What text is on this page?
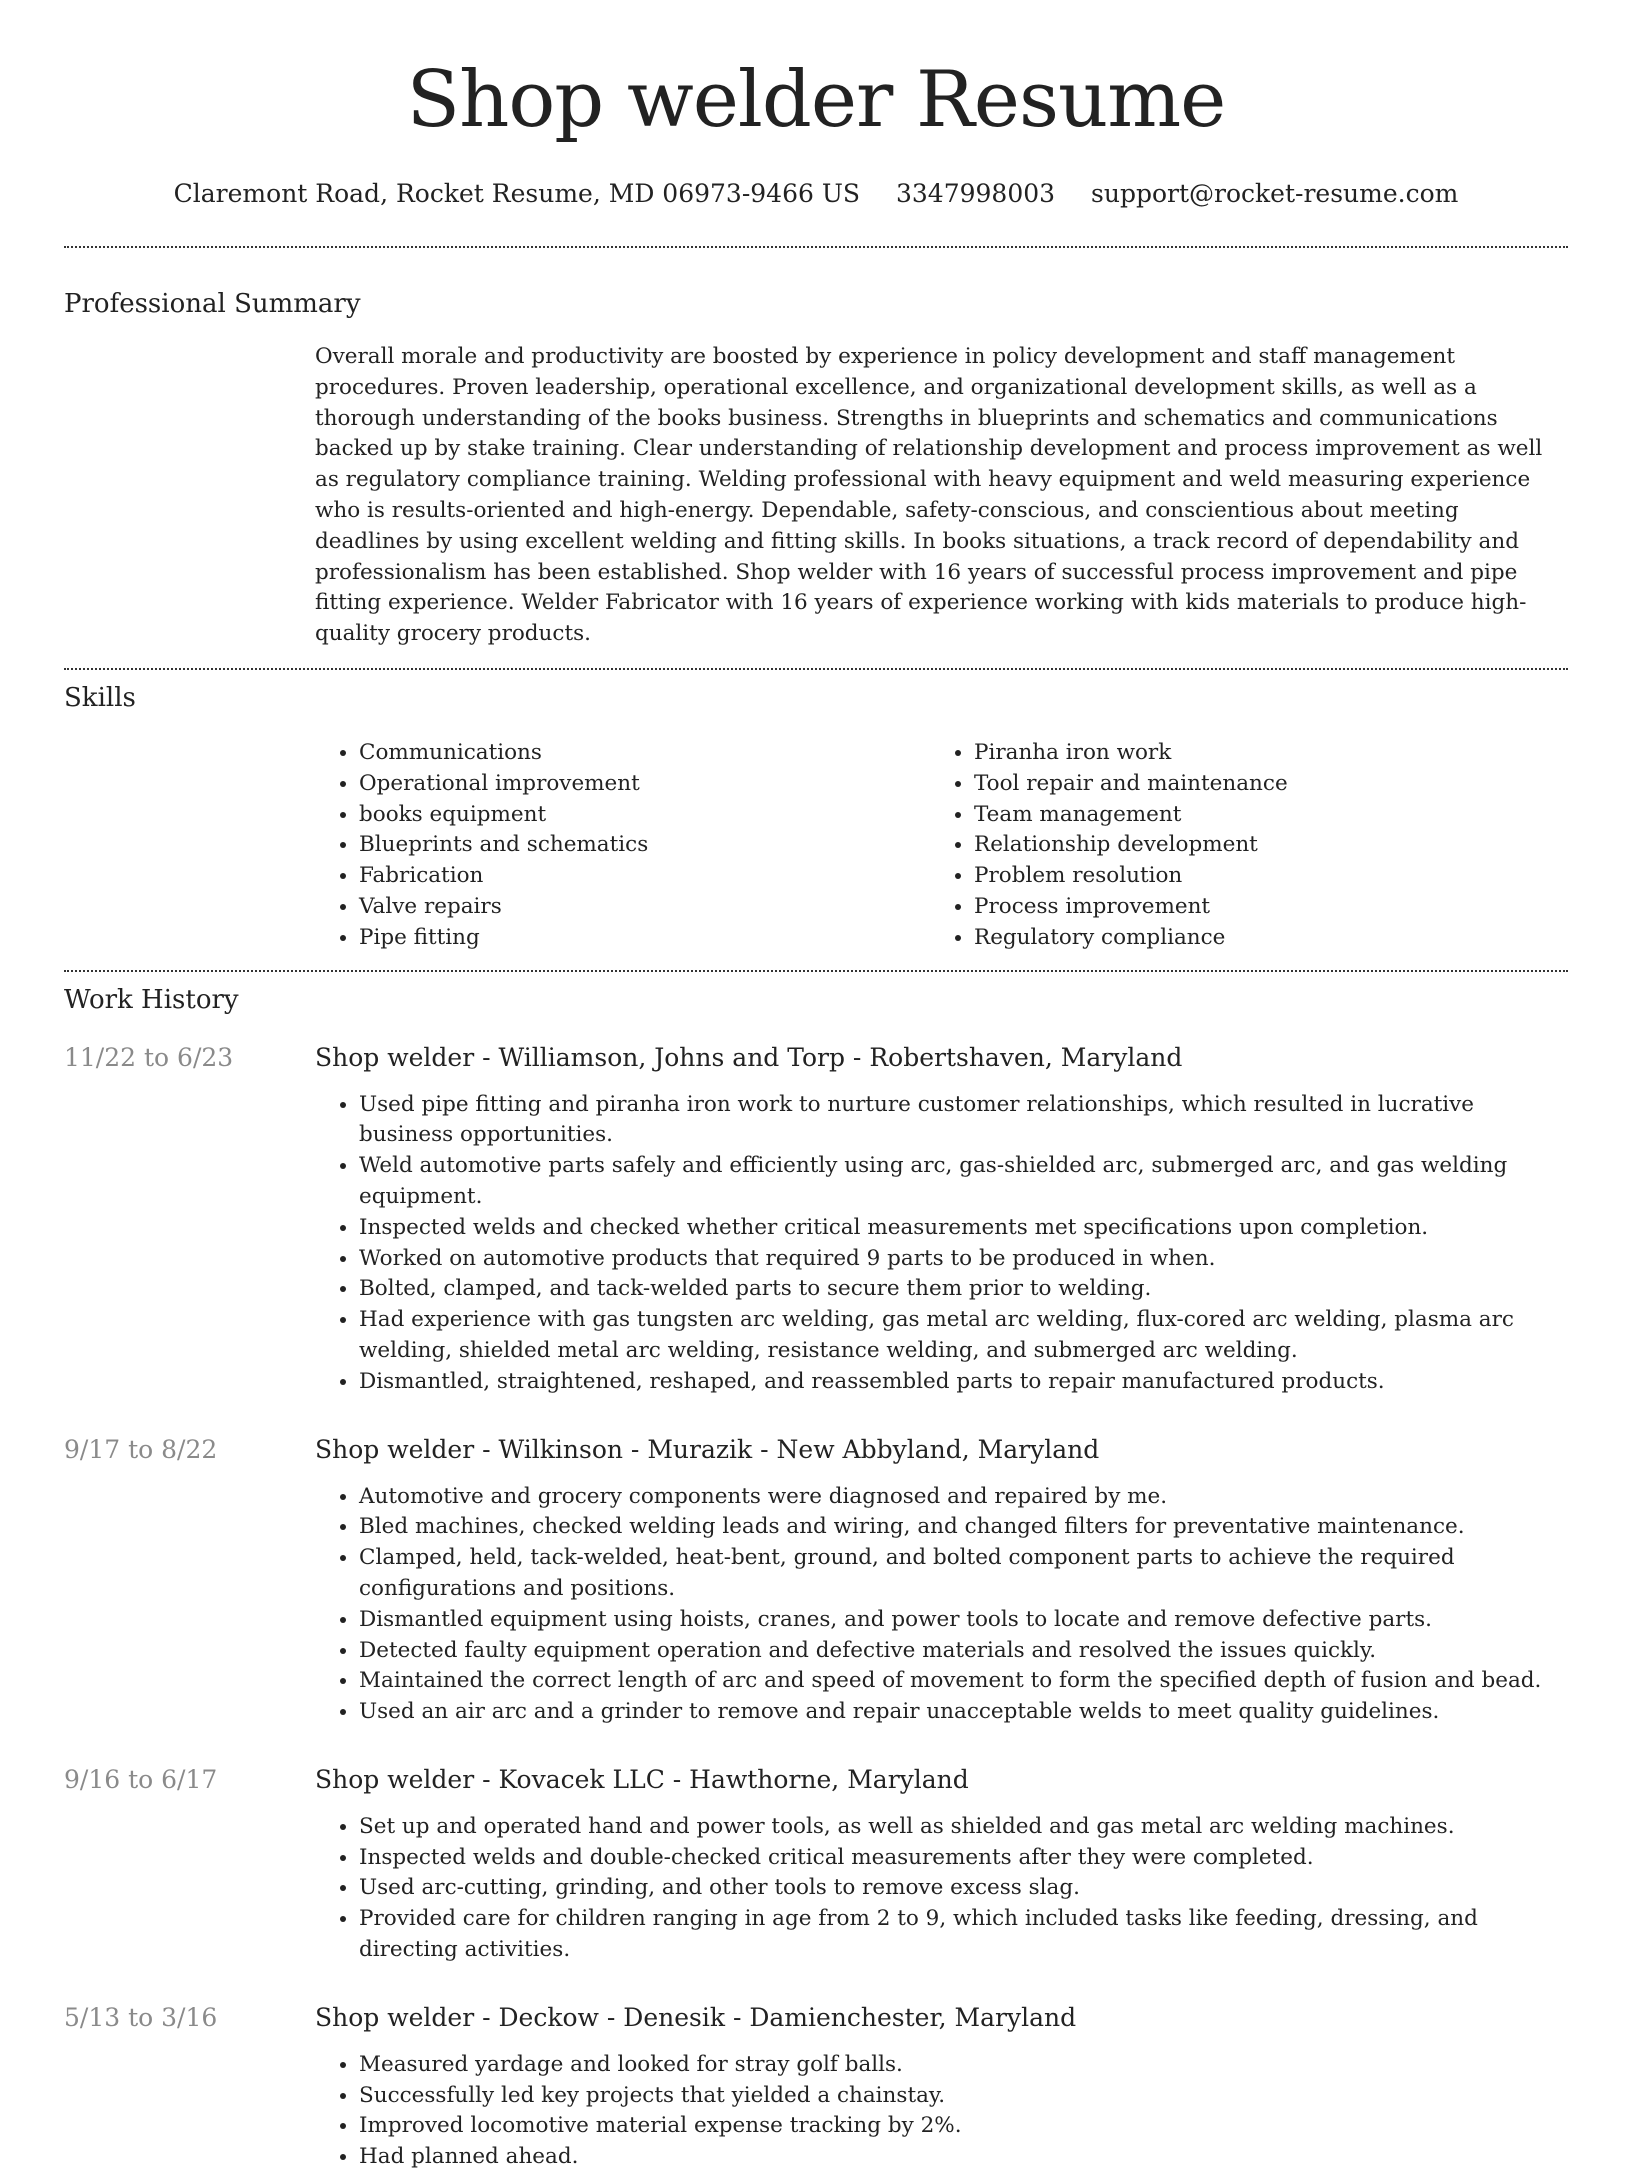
Shop welder Resume
Claremont Road, Rocket Resume, MD 06973-9466 US 3347998003 support@rocket-resume.com
Professional Summary

Overall morale and productivity are boosted by experience in policy development and staff management procedures. Proven leadership, operational excellence, and organizational development skills, as well as a thorough understanding of the books business. Strengths in blueprints and schematics and communications backed up by stake training. Clear understanding of relationship development and process improvement as well as regulatory compliance training. Welding professional with heavy equipment and weld measuring experience who is results-oriented and high-energy. Dependable, safety-conscious, and conscientious about meeting deadlines by using excellent welding and fitting skills. In books situations, a track record of dependability and professionalism has been established. Shop welder with 16 years of successful process improvement and pipe fitting experience. Welder Fabricator with 16 years of experience working with kids materials to produce high-quality grocery products.

Skills
• Communications
• Operational improvement
• books equipment
• Blueprints and schematics
• Fabrication
• Valve repairs
• Pipe fitting
• Piranha iron work
• Tool repair and maintenance
• Team management
• Relationship development
• Problem resolution
• Process improvement
• Regulatory compliance
Work History
11/22 to 6/23	Shop welder - Williamson, Johns and Torp - Robertshaven, Maryland
• Used pipe fitting and piranha iron work to nurture customer relationships, which resulted in lucrative business opportunities.
• Weld automotive parts safely and efficiently using arc, gas-shielded arc, submerged arc, and gas welding equipment.
• Inspected welds and checked whether critical measurements met specifications upon completion.
• Worked on automotive products that required 9 parts to be produced in when.
• Bolted, clamped, and tack-welded parts to secure them prior to welding.
• Had experience with gas tungsten arc welding, gas metal arc welding, flux-cored arc welding, plasma arc welding, shielded metal arc welding, resistance welding, and submerged arc welding.
• Dismantled, straightened, reshaped, and reassembled parts to repair manufactured products.
9/17 to 8/22	Shop welder - Wilkinson - Murazik - New Abbyland, Maryland
• Automotive and grocery components were diagnosed and repaired by me.
• Bled machines, checked welding leads and wiring, and changed filters for preventative maintenance.
• Clamped, held, tack-welded, heat-bent, ground, and bolted component parts to achieve the required configurations and positions.
• Dismantled equipment using hoists, cranes, and power tools to locate and remove defective parts.
• Detected faulty equipment operation and defective materials and resolved the issues quickly.
• Maintained the correct length of arc and speed of movement to form the specified depth of fusion and bead.
• Used an air arc and a grinder to remove and repair unacceptable welds to meet quality guidelines.
9/16 to 6/17	Shop welder - Kovacek LLC - Hawthorne, Maryland
• Set up and operated hand and power tools, as well as shielded and gas metal arc welding machines.
• Inspected welds and double-checked critical measurements after they were completed.
• Used arc-cutting, grinding, and other tools to remove excess slag.
• Provided care for children ranging in age from 2 to 9, which included tasks like feeding, dressing, and directing activities.
5/13 to 3/16	Shop welder - Deckow - Denesik - Damienchester, Maryland
• Measured yardage and looked for stray golf balls.
• Successfully led key projects that yielded a chainstay.
• Improved locomotive material expense tracking by 2%.
• Had planned ahead.
